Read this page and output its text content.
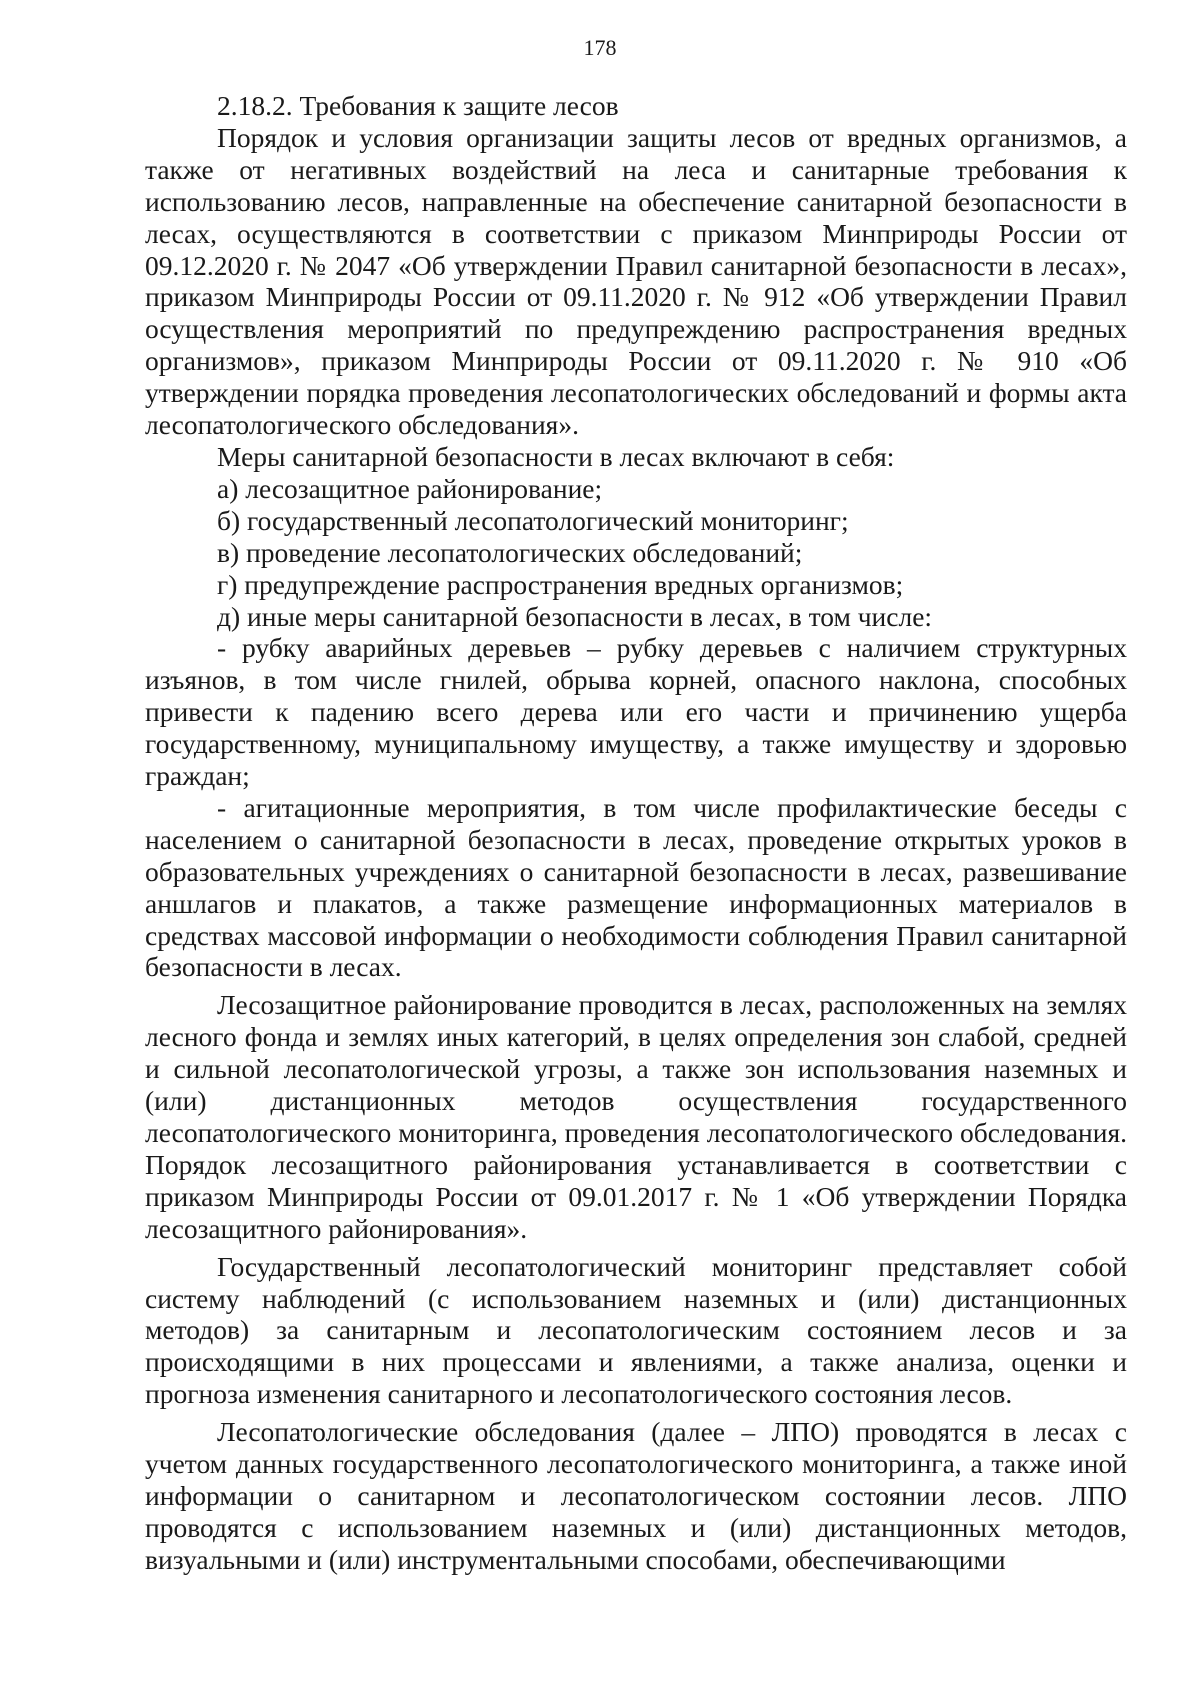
178

2.18.2. Требования к защите лесов

Порядок и условия организации защиты лесов от вредных организмов, а также от негативных воздействий на леса и санитарные требования к использованию лесов, направленные на обеспечение санитарной безопасности в лесах, осуществляются в соответствии с приказом Минприроды России от 09.12.2020 г. № 2047 «Об утверждении Правил санитарной безопасности в лесах», приказом Минприроды России от 09.11.2020 г. № 912 «Об утверждении Правил осуществления мероприятий по предупреждению распространения вредных организмов», приказом Минприроды России от 09.11.2020 г. № 910 «Об утверждении порядка проведения лесопатологических обследований и формы акта лесопатологического обследования».

Меры санитарной безопасности в лесах включают в себя:

а) лесозащитное районирование;

б) государственный лесопатологический мониторинг;

в) проведение лесопатологических обследований;

г) предупреждение распространения вредных организмов;

д) иные меры санитарной безопасности в лесах, в том числе:

- рубку аварийных деревьев – рубку деревьев с наличием структурных изъянов, в том числе гнилей, обрыва корней, опасного наклона, способных привести к падению всего дерева или его части и причинению ущерба государственному, муниципальному имуществу, а также имуществу и здоровью граждан;

- агитационные мероприятия, в том числе профилактические беседы с населением о санитарной безопасности в лесах, проведение открытых уроков в образовательных учреждениях о санитарной безопасности в лесах, развешивание аншлагов и плакатов, а также размещение информационных материалов в средствах массовой информации о необходимости соблюдения Правил санитарной безопасности в лесах.

Лесозащитное районирование проводится в лесах, расположенных на землях лесного фонда и землях иных категорий, в целях определения зон слабой, средней и сильной лесопатологической угрозы, а также зон использования наземных и (или) дистанционных методов осуществления государственного лесопатологического мониторинга, проведения лесопатологического обследования. Порядок лесозащитного районирования устанавливается в соответствии с приказом Минприроды России от 09.01.2017 г. № 1 «Об утверждении Порядка лесозащитного районирования».

Государственный лесопатологический мониторинг представляет собой систему наблюдений (с использованием наземных и (или) дистанционных методов) за санитарным и лесопатологическим состоянием лесов и за происходящими в них процессами и явлениями, а также анализа, оценки и прогноза изменения санитарного и лесопатологического состояния лесов.

Лесопатологические обследования (далее – ЛПО) проводятся в лесах с учетом данных государственного лесопатологического мониторинга, а также иной информации о санитарном и лесопатологическом состоянии лесов. ЛПО проводятся с использованием наземных и (или) дистанционных методов, визуальными и (или) инструментальными способами, обеспечивающими
